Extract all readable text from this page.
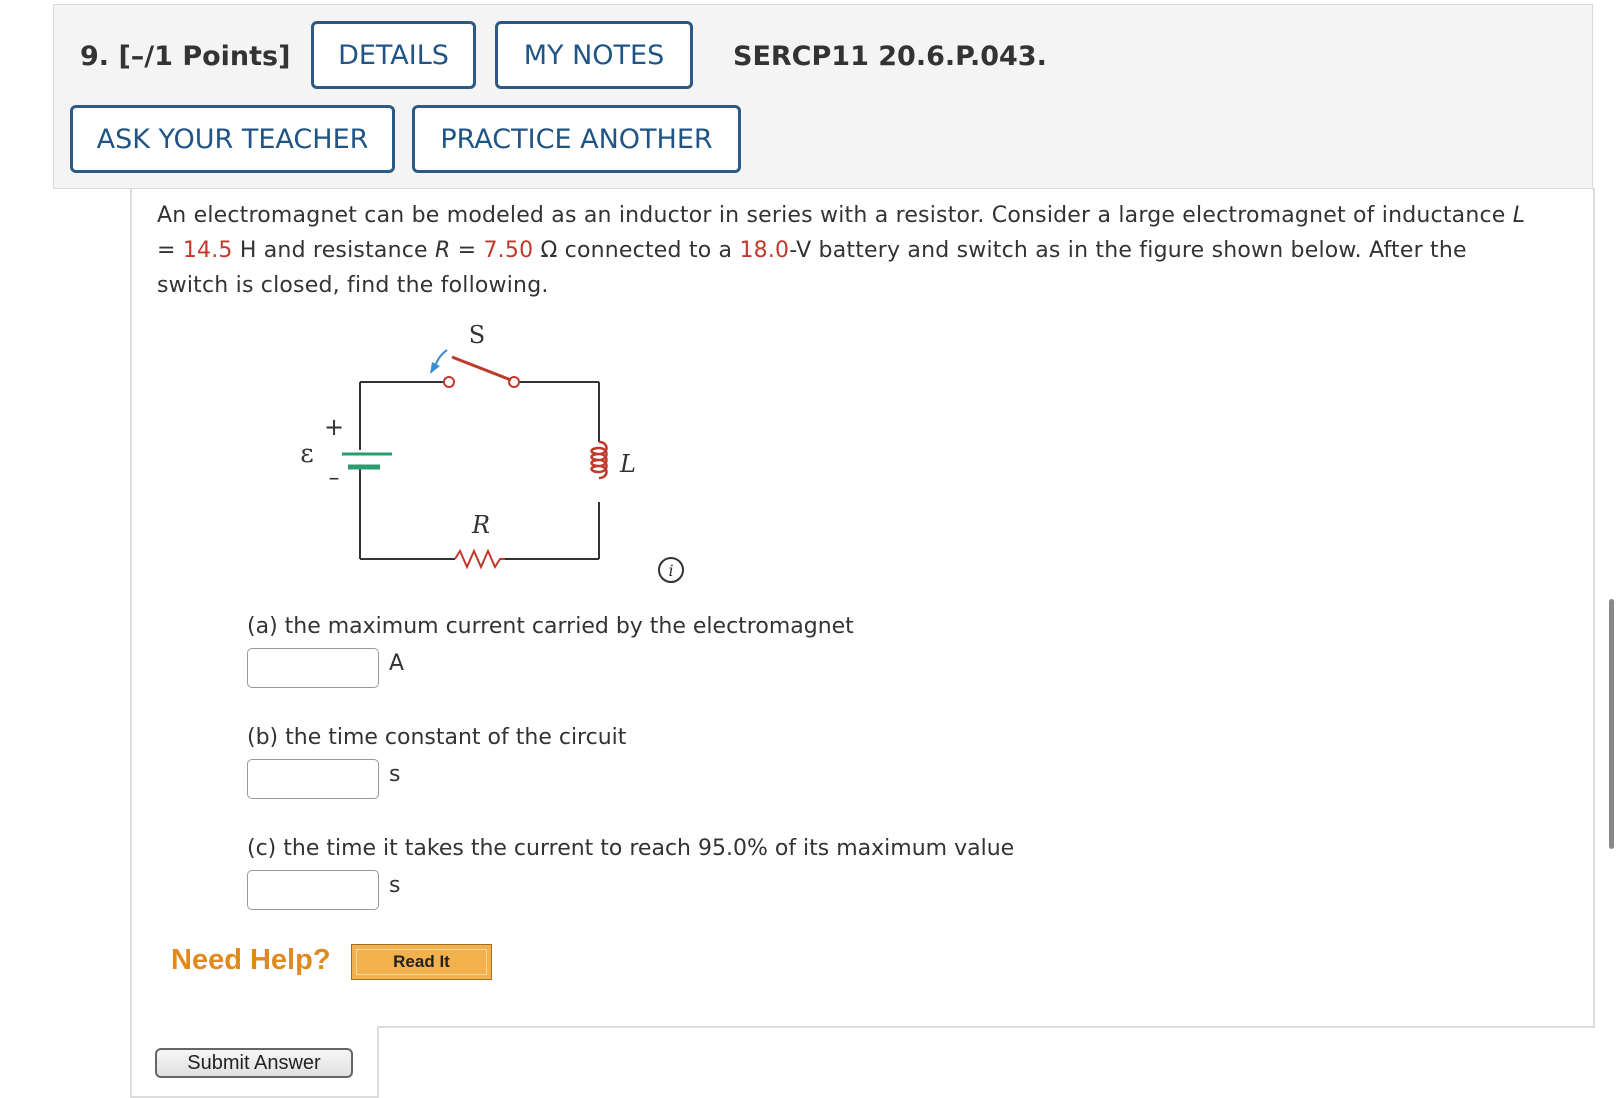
9. [–/1 Points]	DETAILS	MY NOTES	SERCP11 20.6.P.043.
ASK YOUR TEACHER	PRACTICE ANOTHER
An electromagnet can be modeled as an inductor in series with a resistor. Consider a large electromagnet of inductance L = 14.5 H and resistance R = 7.50 Ω connected to a 18.0-V battery and switch as in the figure shown below. After the switch is closed, find the following.
S
+
–
ε
R
L
i
(a) the maximum current carried by the electromagnet
A
(b) the time constant of the circuit
s
(c) the time it takes the current to reach 95.0% of its maximum value
s
Need Help?	Read It
Submit Answer
